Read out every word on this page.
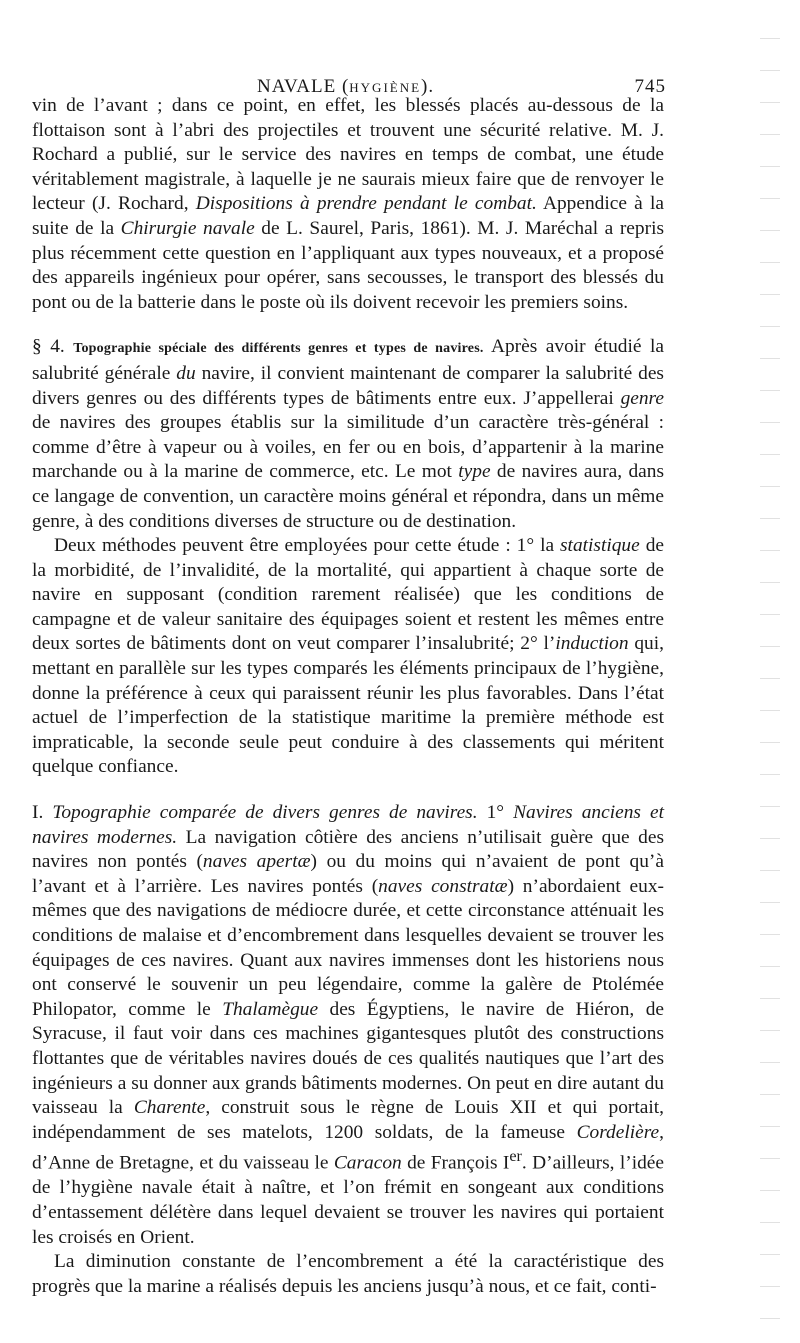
NAVALE (HYGIÈNE).	745

vin de l’avant ; dans ce point, en effet, les blessés placés au-dessous de la flottaison sont à l’abri des projectiles et trouvent une sécurité relative. M. J. Rochard a publié, sur le service des navires en temps de combat, une étude véritablement magistrale, à laquelle je ne saurais mieux faire que de renvoyer le lecteur (J. Rochard, Dispositions à prendre pendant le combat. Appendice à la suite de la Chirurgie navale de L. Saurel, Paris, 1861). M. J. Maréchal a repris plus récemment cette question en l’appliquant aux types nouveaux, et a proposé des appareils ingénieux pour opérer, sans secousses, le transport des blessés du pont ou de la batterie dans le poste où ils doivent recevoir les premiers soins.

§ 4. Topographie spéciale des différents genres et types de navires. Après avoir étudié la salubrité générale du navire, il convient maintenant de comparer la salubrité des divers genres ou des différents types de bâtiments entre eux. J’appellerai genre de navires des groupes établis sur la similitude d’un caractère très-général : comme d’être à vapeur ou à voiles, en fer ou en bois, d’appartenir à la marine marchande ou à la marine de commerce, etc. Le mot type de navires aura, dans ce langage de convention, un caractère moins général et répondra, dans un même genre, à des conditions diverses de structure ou de destination.

Deux méthodes peuvent être employées pour cette étude : 1° la statistique de la morbidité, de l’invalidité, de la mortalité, qui appartient à chaque sorte de navire en supposant (condition rarement réalisée) que les conditions de campagne et de valeur sanitaire des équipages soient et restent les mêmes entre deux sortes de bâtiments dont on veut comparer l’insalubrité; 2° l’induction qui, mettant en parallèle sur les types comparés les éléments principaux de l’hygiène, donne la préférence à ceux qui paraissent réunir les plus favorables. Dans l’état actuel de l’imperfection de la statistique maritime la première méthode est impraticable, la seconde seule peut conduire à des classements qui méritent quelque confiance.

I. Topographie comparée de divers genres de navires. 1° Navires anciens et navires modernes. La navigation côtière des anciens n’utilisait guère que des navires non pontés (naves apertæ) ou du moins qui n’avaient de pont qu’à l’avant et à l’arrière. Les navires pontés (naves constratæ) n’abordaient eux-mêmes que des navigations de médiocre durée, et cette circonstance atténuait les conditions de malaise et d’encombrement dans lesquelles devaient se trouver les équipages de ces navires. Quant aux navires immenses dont les historiens nous ont conservé le souvenir un peu légendaire, comme la galère de Ptolémée Philopator, comme le Thalamègue des Égyptiens, le navire de Hiéron, de Syracuse, il faut voir dans ces machines gigantesques plutôt des constructions flottantes que de véritables navires doués de ces qualités nautiques que l’art des ingénieurs a su donner aux grands bâtiments modernes. On peut en dire autant du vaisseau la Charente, construit sous le règne de Louis XII et qui portait, indépendamment de ses matelots, 1200 soldats, de la fameuse Cordelière, d’Anne de Bretagne, et du vaisseau le Caracon de François Ier. D’ailleurs, l’idée de l’hygiène navale était à naître, et l’on frémit en songeant aux conditions d’entassement délétère dans lequel devaient se trouver les navires qui portaient les croisés en Orient.

La diminution constante de l’encombrement a été la caractéristique des progrès que la marine a réalisés depuis les anciens jusqu’à nous, et ce fait, conti-
